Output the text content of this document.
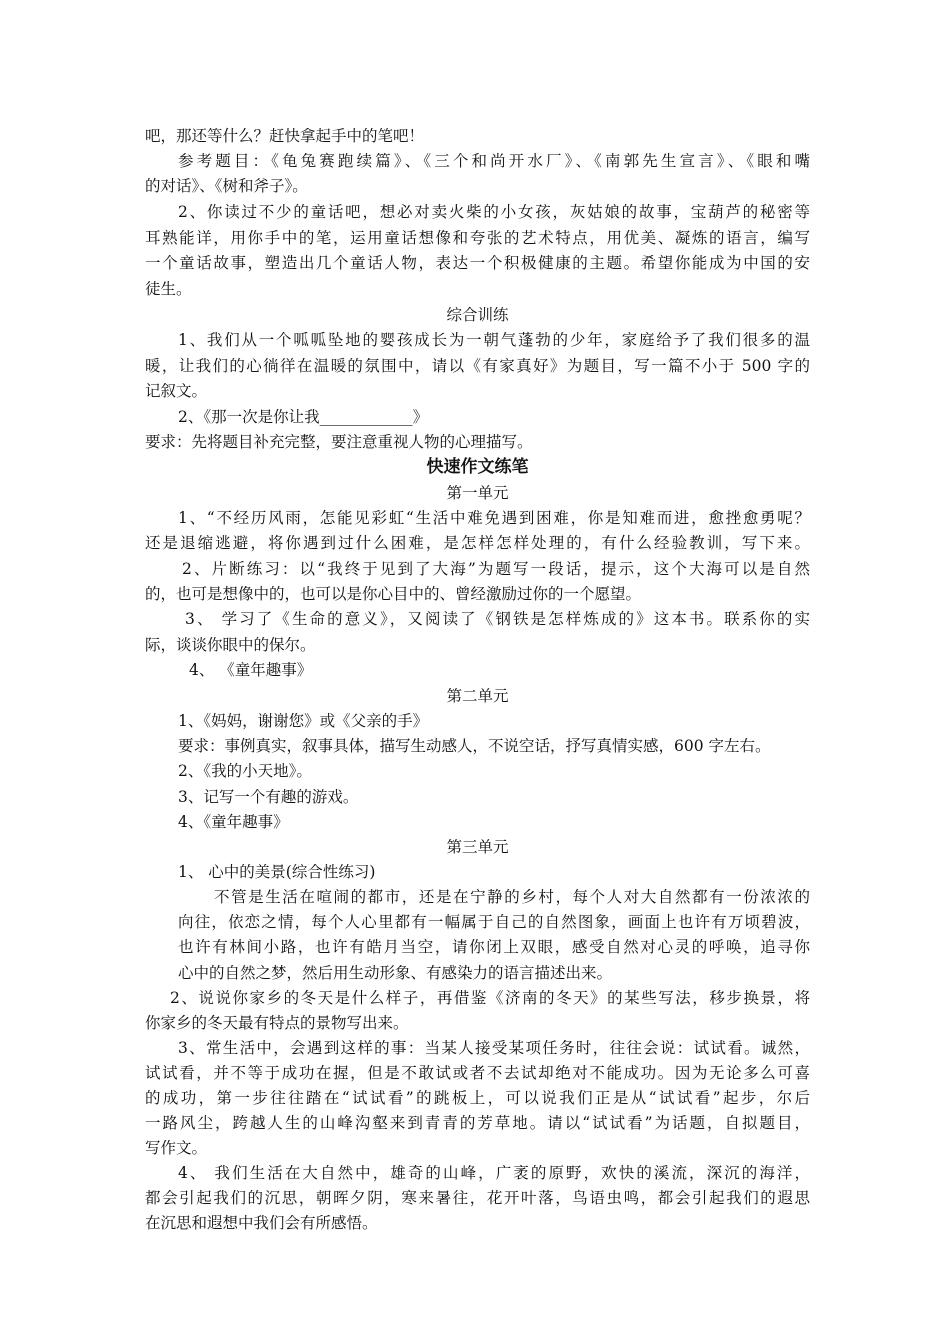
吧，那还等什么？赶快拿起手中的笔吧！
参考题目：《龟兔赛跑续篇》、《三个和尚开水厂》、《南郭先生宣言》、《眼和嘴
的对话》、《树和斧子》。
2、你读过不少的童话吧，想必对卖火柴的小女孩，灰姑娘的故事，宝葫芦的秘密等
耳熟能详，用你手中的笔，运用童话想像和夸张的艺术特点，用优美、凝炼的语言，编写
一个童话故事，塑造出几个童话人物，表达一个积极健康的主题。希望你能成为中国的安
徒生。
综合训练
1、我们从一个呱呱坠地的婴孩成长为一朝气蓬勃的少年，家庭给予了我们很多的温
暖，让我们的心徜徉在温暖的氛围中，请以《有家真好》为题目，写一篇不小于 500 字的
记叙文。
2、《那一次是你让我____________》
要求：先将题目补充完整，要注意重视人物的心理描写。
快速作文练笔
第一单元
1、“不经历风雨，怎能见彩虹“生活中难免遇到困难，你是知难而进，愈挫愈勇呢？
还是退缩逃避，将你遇到过什么困难，是怎样怎样处理的，有什么经验教训，写下来。
2、片断练习：以“我终于见到了大海”为题写一段话，提示，这个大海可以是自然
的，也可是想像中的，也可以是你心目中的、曾经激励过你的一个愿望。
3、 学习了《生命的意义》，又阅读了《钢铁是怎样炼成的》这本书。联系你的实
际，谈谈你眼中的保尔。
4、 《童年趣事》
第二单元
1、《妈妈，谢谢您》或《父亲的手》
要求：事例真实，叙事具体，描写生动感人，不说空话，抒写真情实感，600 字左右。
2、《我的小天地》。
3、记写一个有趣的游戏。
4、《童年趣事》
第三单元
1、 心中的美景(综合性练习)
不管是生活在喧闹的都市，还是在宁静的乡村，每个人对大自然都有一份浓浓的
向往，依恋之情，每个人心里都有一幅属于自己的自然图象，画面上也许有万顷碧波，
也许有林间小路，也许有皓月当空，请你闭上双眼，感受自然对心灵的呼唤，追寻你
心中的自然之梦，然后用生动形象、有感染力的语言描述出来。
2、说说你家乡的冬天是什么样子，再借鉴《济南的冬天》的某些写法，移步换景，将
你家乡的冬天最有特点的景物写出来。
3、常生活中，会遇到这样的事：当某人接受某项任务时，往往会说：试试看。诚然，
试试看，并不等于成功在握，但是不敢试或者不去试却绝对不能成功。因为无论多么可喜
的成功，第一步往往踏在“试试看”的跳板上，可以说我们正是从“试试看”起步，尔后
一路风尘，跨越人生的山峰沟壑来到青青的芳草地。请以“试试看”为话题，自拟题目，
写作文。
4、 我们生活在大自然中，雄奇的山峰，广袤的原野，欢快的溪流，深沉的海洋，
都会引起我们的沉思，朝晖夕阴，寒来暑往，花开叶落，鸟语虫鸣，都会引起我们的遐思
在沉思和遐想中我们会有所感悟。
